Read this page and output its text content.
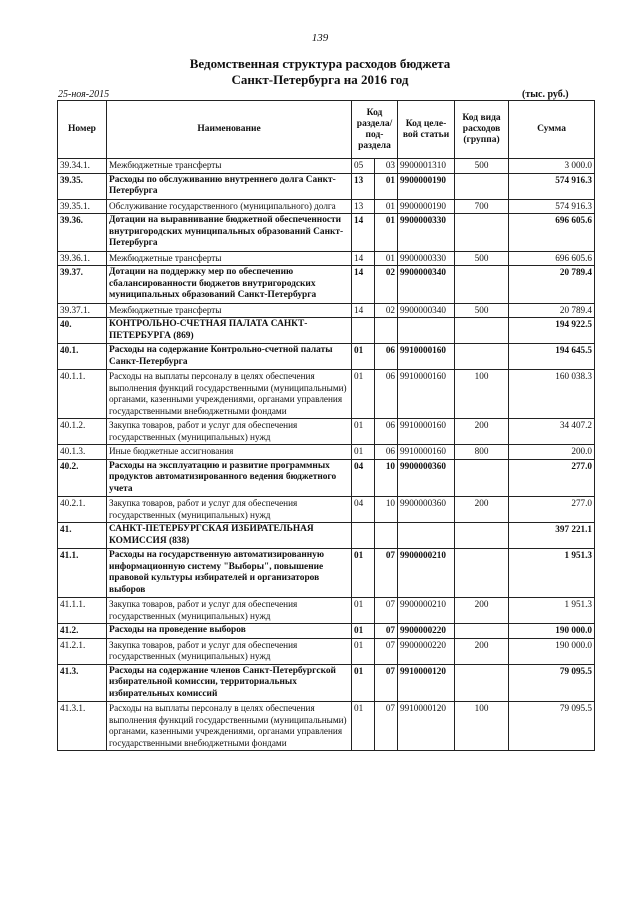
139
Ведомственная структура расходов бюджета
Санкт-Петербурга на 2016 год
25-ноя-2015	(тыс. руб.)
Номер	Наименование	Код раздела/ под-раздела		Код целе-вой статьи	Код вида расходов (группа)	Сумма
39.34.1.	Межбюджетные трансферты	05	03	9900001310	500	3 000.0
39.35.	Расходы по обслуживанию внутреннего долга Санкт-Петербурга	13	01	9900000190		574 916.3
39.35.1.	Обслуживание государственного (муниципального) долга	13	01	9900000190	700	574 916.3
39.36.	Дотации на выравнивание бюджетной обеспеченности внутригородских муниципальных образований Санкт-Петербурга	14	01	9900000330		696 605.6
39.36.1.	Межбюджетные трансферты	14	01	9900000330	500	696 605.6
39.37.	Дотации на поддержку мер по обеспечению сбалансированности бюджетов внутригородских муниципальных образований Санкт-Петербурга	14	02	9900000340		20 789.4
39.37.1.	Межбюджетные трансферты	14	02	9900000340	500	20 789.4
40.	КОНТРОЛЬНО-СЧЕТНАЯ ПАЛАТА САНКТ-ПЕТЕРБУРГА (869)					194 922.5
40.1.	Расходы на содержание Контрольно-счетной палаты Санкт-Петербурга	01	06	9910000160		194 645.5
40.1.1.	Расходы на выплаты персоналу в целях обеспечения выполнения функций государственными (муниципальными) органами, казенными учреждениями, органами управления государственными внебюджетными фондами	01	06	9910000160	100	160 038.3
40.1.2.	Закупка товаров, работ и услуг для обеспечения государственных (муниципальных) нужд	01	06	9910000160	200	34 407.2
40.1.3.	Иные бюджетные ассигнования	01	06	9910000160	800	200.0
40.2.	Расходы на эксплуатацию и развитие программных продуктов автоматизированного ведения бюджетного учета	04	10	9900000360		277.0
40.2.1.	Закупка товаров, работ и услуг для обеспечения государственных (муниципальных) нужд	04	10	9900000360	200	277.0
41.	САНКТ-ПЕТЕРБУРГСКАЯ ИЗБИРАТЕЛЬНАЯ КОМИССИЯ (838)					397 221.1
41.1.	Расходы на государственную автоматизированную информационную систему "Выборы", повышение правовой культуры избирателей и организаторов выборов	01	07	9900000210		1 951.3
41.1.1.	Закупка товаров, работ и услуг для обеспечения государственных (муниципальных) нужд	01	07	9900000210	200	1 951.3
41.2.	Расходы на проведение выборов	01	07	9900000220		190 000.0
41.2.1.	Закупка товаров, работ и услуг для обеспечения государственных (муниципальных) нужд	01	07	9900000220	200	190 000.0
41.3.	Расходы на содержание членов Санкт-Петербургской избирательной комиссии, территориальных избирательных комиссий	01	07	9910000120		79 095.5
41.3.1.	Расходы на выплаты персоналу в целях обеспечения выполнения функций государственными (муниципальными) органами, казенными учреждениями, органами управления государственными внебюджетными фондами	01	07	9910000120	100	79 095.5
